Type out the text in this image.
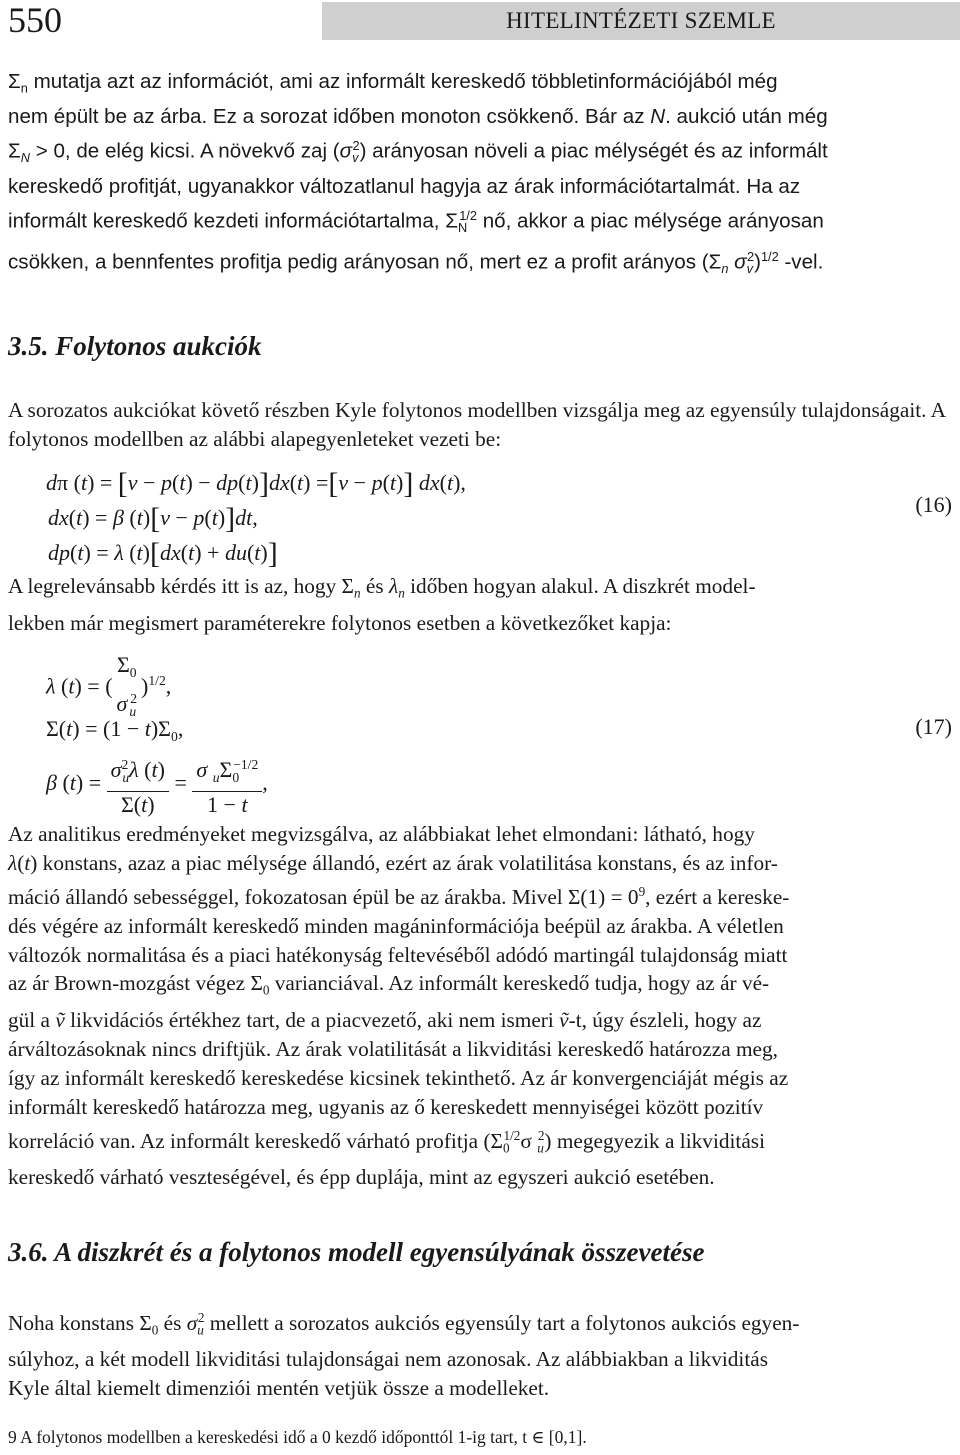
550	HITELINTÉZETI SZEMLE
$\Sigma_n$ mutatja azt az információt, ami az informált kereskedő többletinformációjából még
nem épült be az árba. Ez a sorozat időben monoton csökkenő. Bár az N. aukció után még
$\Sigma_N > 0$, de elég kicsi. A növekvő zaj $(\sigma_v^2)$ arányosan növeli a piac mélységét és az informált
kereskedő profitját, ugyanakkor változatlanul hagyja az árak információtartalmát. Ha az
informált kereskedő kezdeti információtartalma, $\Sigma_N^{1/2}$ nő, akkor a piac mélysége arányosan
csökken, a bennfentes profitja pedig arányosan nő, mert ez a profit arányos ($\Sigma_n$ $\sigma_v^2)^{1/2}$ -vel.
3.5. Folytonos aukciók
A sorozatos aukciókat követő részben Kyle folytonos modellben vizsgálja meg az egyensúly tulajdonságait. A folytonos modellben az alábbi alapegyenleteket vezeti be:
dπ (t) = [v − p(t) − dp(t)]dx(t) =[v − p(t)] dx(t),
dx(t) = β (t)[v − p(t)]dt,
dp(t) = λ (t)[dx(t) + du(t)]
(16)
A legrelevánsabb kérdés itt is az, hogy $\Sigma_n$ és $\lambda_n$ időben hogyan alakul. A diszkrét model-
lekben már megismert paraméterekre folytonos esetben a következőket kapja:
λ (t) = (
$\Sigma_0$
σ $_u^2$ )$^{1/2}$,
$\Sigma(t) = (1 - t)\Sigma_0$,
β $(t) = \frac{\sigma^2_u\lambda (t)}{\Sigma(t)} = \frac{\sigma _u\Sigma_0^{-1/2}}{1 - t}$ ,
(17)
Az analitikus eredményeket megvizsgálva, az alábbiakat lehet elmondani: látható, hogy
λ(t) konstans, azaz a piac mélysége állandó, ezért az árak volatilitása konstans, és az infor-
máció állandó sebességgel, fokozatosan épül be az árakba. Mivel $\Sigma(1) = 0^9$, ezért a kereske-
dés végére az informált kereskedő minden magáninformációja beépül az árakba. A véletlen
változók normalitása és a piaci hatékonyság feltevéséből adódó martingál tulajdonság miatt
az ár Brown-mozgást végez $\Sigma_0$ varianciával. Az informált kereskedő tudja, hogy az ár vé-
gül a ṽ likvidációs értékhez tart, de a piacvezető, aki nem ismeri ṽ-t, úgy észleli, hogy az
árváltozásoknak nincs driftjük. Az árak volatilitását a likviditási kereskedő határozza meg,
így az informált kereskedő kereskedése kicsinek tekinthető. Az ár konvergenciáját mégis az
informált kereskedő határozza meg, ugyanis az ő kereskedett mennyiségei között pozitív
korreláció van. Az informált kereskedő várható profitja ($\Sigma_0^{1/2}\sigma$ $_u^2$) megegyezik a likviditási
kereskedő várható veszteségével, és épp duplája, mint az egyszeri aukció esetében.
3.6. A diszkrét és a folytonos modell egyensúlyának összevetése
Noha konstans $\Sigma_0$ és $\sigma_u^2$ mellett a sorozatos aukciós egyensúly tart a folytonos aukciós egyen-
súlyhoz, a két modell likviditási tulajdonságai nem azonosak. Az alábbiakban a likviditás
Kyle által kiemelt dimenziói mentén vetjük össze a modelleket.
9 A folytonos modellben a kereskedési idő a 0 kezdő időponttól 1-ig tart, t ∈ [0,1].
